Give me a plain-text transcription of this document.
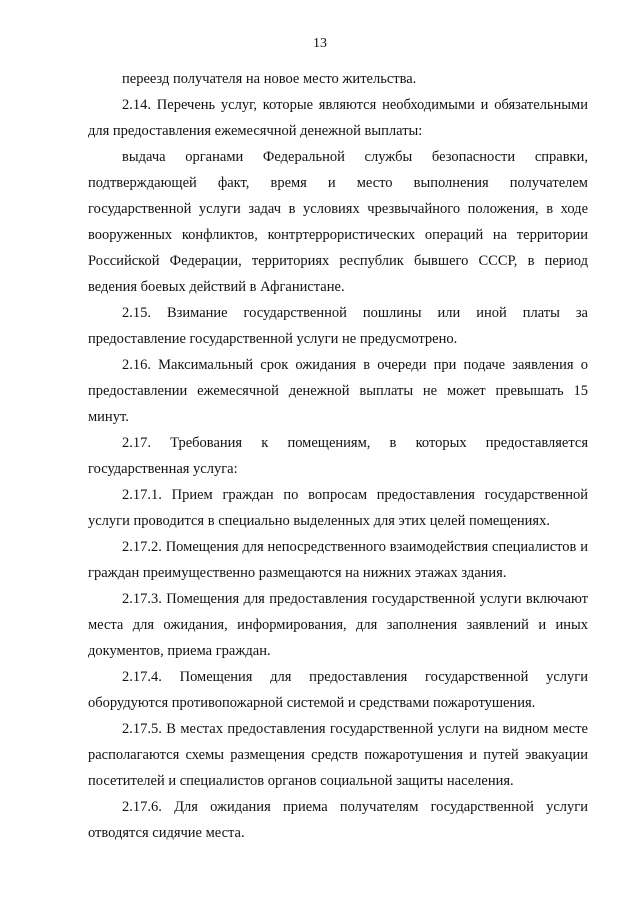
13

переезд получателя на новое место жительства.

2.14. Перечень услуг, которые являются необходимыми и обязательными для предоставления ежемесячной денежной выплаты:

выдача органами Федеральной службы безопасности справки, подтверждающей факт, время и место выполнения получателем государственной услуги задач в условиях чрезвычайного положения, в ходе вооруженных конфликтов, контртеррористических операций на территории Российской Федерации, территориях республик бывшего СССР, в период ведения боевых действий в Афганистане.

2.15. Взимание государственной пошлины или иной платы за предоставление государственной услуги не предусмотрено.

2.16. Максимальный срок ожидания в очереди при подаче заявления о предоставлении ежемесячной денежной выплаты не может превышать 15 минут.

2.17. Требования к помещениям, в которых предоставляется государственная услуга:

2.17.1. Прием граждан по вопросам предоставления государственной услуги проводится в специально выделенных для этих целей помещениях.

2.17.2. Помещения для непосредственного взаимодействия специалистов и граждан преимущественно размещаются на нижних этажах здания.

2.17.3. Помещения для предоставления государственной услуги включают места для ожидания, информирования, для заполнения заявлений и иных документов, приема граждан.

2.17.4. Помещения для предоставления государственной услуги оборудуются противопожарной системой и средствами пожаротушения.

2.17.5. В местах предоставления государственной услуги на видном месте располагаются схемы размещения средств пожаротушения и путей эвакуации посетителей и специалистов органов социальной защиты населения.

2.17.6. Для ожидания приема получателям государственной услуги отводятся сидячие места.
